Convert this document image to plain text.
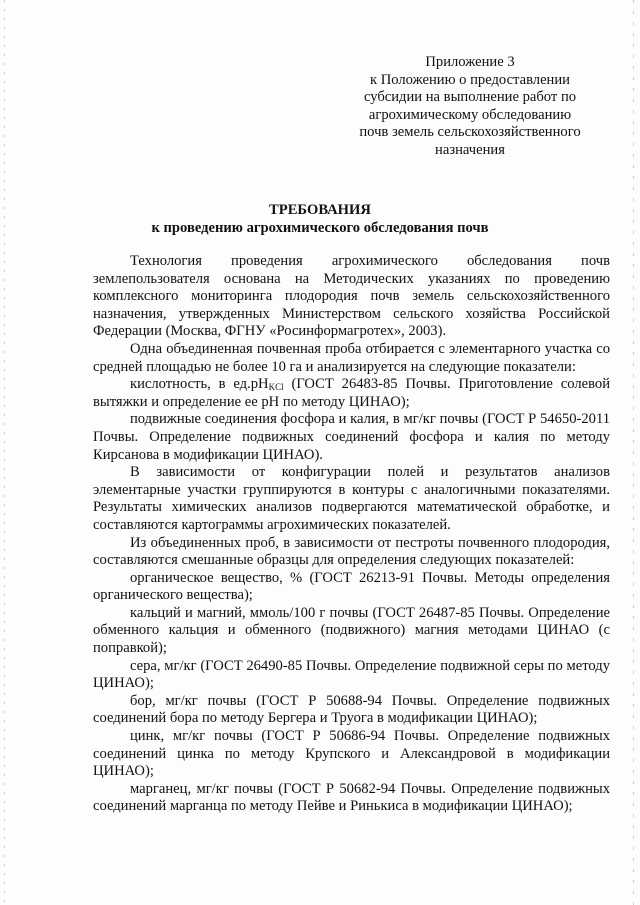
Приложение 3
к Положению о предоставлении
субсидии на выполнение работ по
агрохимическому обследованию
почв земель сельскохозяйственного
назначения
ТРЕБОВАНИЯ
к проведению агрохимического обследования почв

Технология проведения агрохимического обследования почв землепользователя основана на Методических указаниях по проведению комплексного мониторинга плодородия почв земель сельскохозяйственного назначения, утвержденных Министерством сельского хозяйства Российской Федерации (Москва, ФГНУ «Росинформагротех», 2003).

Одна объединенная почвенная проба отбирается с элементарного участка со средней площадью не более 10 га и анализируется на следующие показатели:

кислотность, в $ед.pH_{KCl}$ (ГОСТ 26483-85 Почвы. Приготовление солевой вытяжки и определение ее pH по методу ЦИНАО);

подвижные соединения фосфора и калия, в мг/кг почвы (ГОСТ Р 54650-2011 Почвы. Определение подвижных соединений фосфора и калия по методу Кирсанова в модификации ЦИНАО).

В зависимости от конфигурации полей и результатов анализов элементарные участки группируются в контуры с аналогичными показателями. Результаты химических анализов подвергаются математической обработке, и составляются картограммы агрохимических показателей.

Из объединенных проб, в зависимости от пестроты почвенного плодородия, составляются смешанные образцы для определения следующих показателей:

органическое вещество, % (ГОСТ 26213-91 Почвы. Методы определения органического вещества);

кальций и магний, ммоль/100 г почвы (ГОСТ 26487-85 Почвы. Определение обменного кальция и обменного (подвижного) магния методами ЦИНАО (с поправкой);

сера, мг/кг (ГОСТ 26490-85 Почвы. Определение подвижной серы по методу ЦИНАО);

бор, мг/кг почвы (ГОСТ Р 50688-94 Почвы. Определение подвижных соединений бора по методу Бергера и Труога в модификации ЦИНАО);

цинк, мг/кг почвы (ГОСТ Р 50686-94 Почвы. Определение подвижных соединений цинка по методу Крупского и Александровой в модификации ЦИНАО);

марганец, мг/кг почвы (ГОСТ Р 50682-94 Почвы. Определение подвижных соединений марганца по методу Пейве и Ринькиса в модификации ЦИНАО);
